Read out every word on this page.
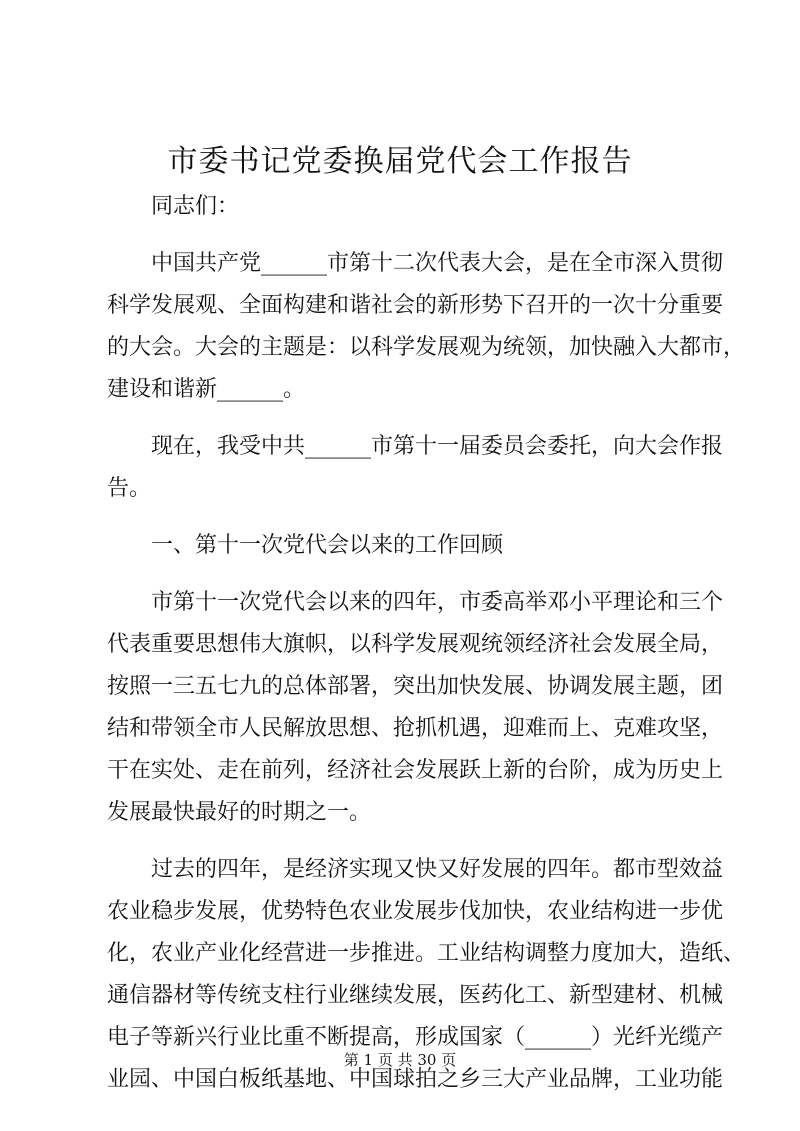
市委书记党委换届党代会工作报告
同志们：
中国共产党______市第十二次代表大会，是在全市深入贯彻
科学发展观、全面构建和谐社会的新形势下召开的一次十分重要
的大会。大会的主题是：以科学发展观为统领，加快融入大都市，
建设和谐新______。
现在，我受中共______市第十一届委员会委托，向大会作报
告。
一、第十一次党代会以来的工作回顾
市第十一次党代会以来的四年，市委高举邓小平理论和三个
代表重要思想伟大旗帜，以科学发展观统领经济社会发展全局，
按照一三五七九的总体部署，突出加快发展、协调发展主题，团
结和带领全市人民解放思想、抢抓机遇，迎难而上、克难攻坚，
干在实处、走在前列，经济社会发展跃上新的台阶，成为历史上
发展最快最好的时期之一。
过去的四年，是经济实现又快又好发展的四年。都市型效益
农业稳步发展，优势特色农业发展步伐加快，农业结构进一步优
化，农业产业化经营进一步推进。工业结构调整力度加大，造纸、
通信器材等传统支柱行业继续发展，医药化工、新型建材、机械
电子等新兴行业比重不断提高，形成国家（______）光纤光缆产
业园、中国白板纸基地、中国球拍之乡三大产业品牌，工业功能
第 1 页 共 30 页
